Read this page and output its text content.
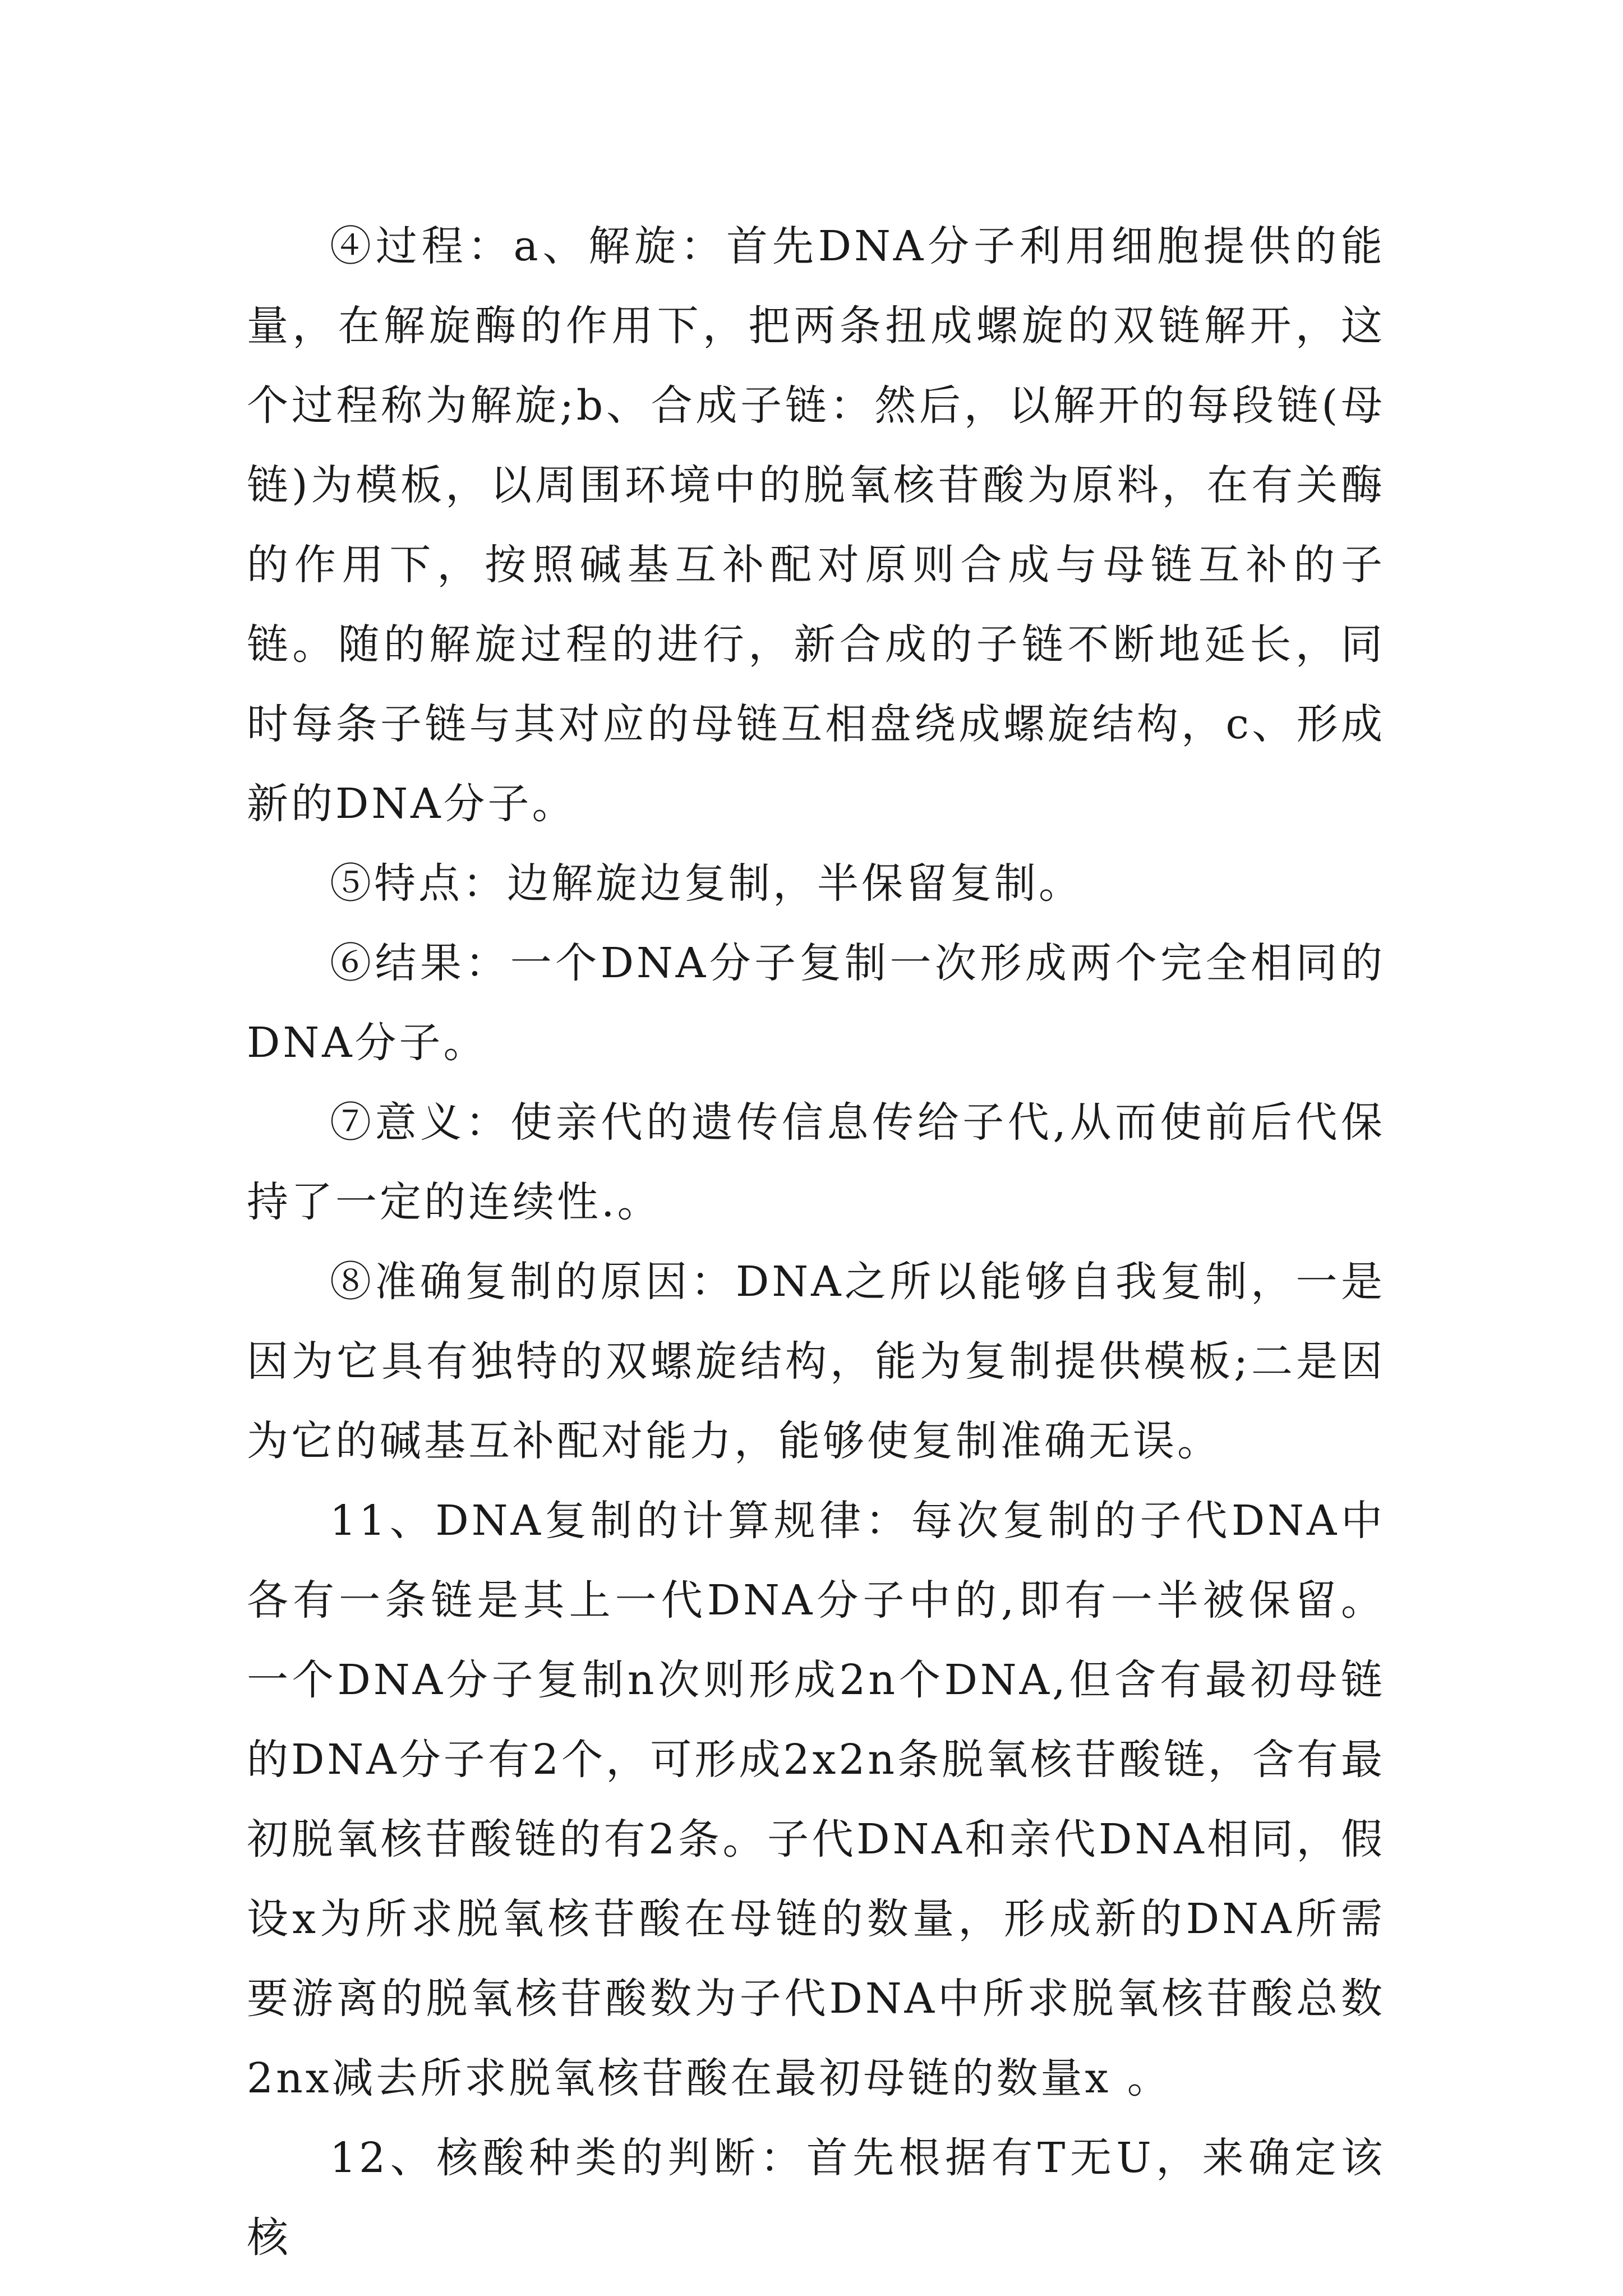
④过程：a、解旋：首先DNA分子利用细胞提供的能量，在解旋酶的作用下，把两条扭成螺旋的双链解开，这个过程称为解旋;b、合成子链：然后，以解开的每段链(母链)为模板，以周围环境中的脱氧核苷酸为原料，在有关酶的作用下，按照碱基互补配对原则合成与母链互补的子链。随的解旋过程的进行，新合成的子链不断地延长，同时每条子链与其对应的母链互相盘绕成螺旋结构，c、形成新的DNA分子。

⑤特点：边解旋边复制，半保留复制。

⑥结果：一个DNA分子复制一次形成两个完全相同的DNA分子。

⑦意义：使亲代的遗传信息传给子代,从而使前后代保持了一定的连续性.。

⑧准确复制的原因：DNA之所以能够自我复制，一是因为它具有独特的双螺旋结构，能为复制提供模板;二是因为它的碱基互补配对能力，能够使复制准确无误。

11、DNA复制的计算规律：每次复制的子代DNA中各有一条链是其上一代DNA分子中的,即有一半被保留。一个DNA分子复制n次则形成2n个DNA,但含有最初母链的DNA分子有2个，可形成2x2n条脱氧核苷酸链，含有最初脱氧核苷酸链的有2条。子代DNA和亲代DNA相同，假设x为所求脱氧核苷酸在母链的数量，形成新的DNA所需要游离的脱氧核苷酸数为子代DNA中所求脱氧核苷酸总数2nx减去所求脱氧核苷酸在最初母链的数量x 。

12、核酸种类的判断：首先根据有T无U，来确定该核
